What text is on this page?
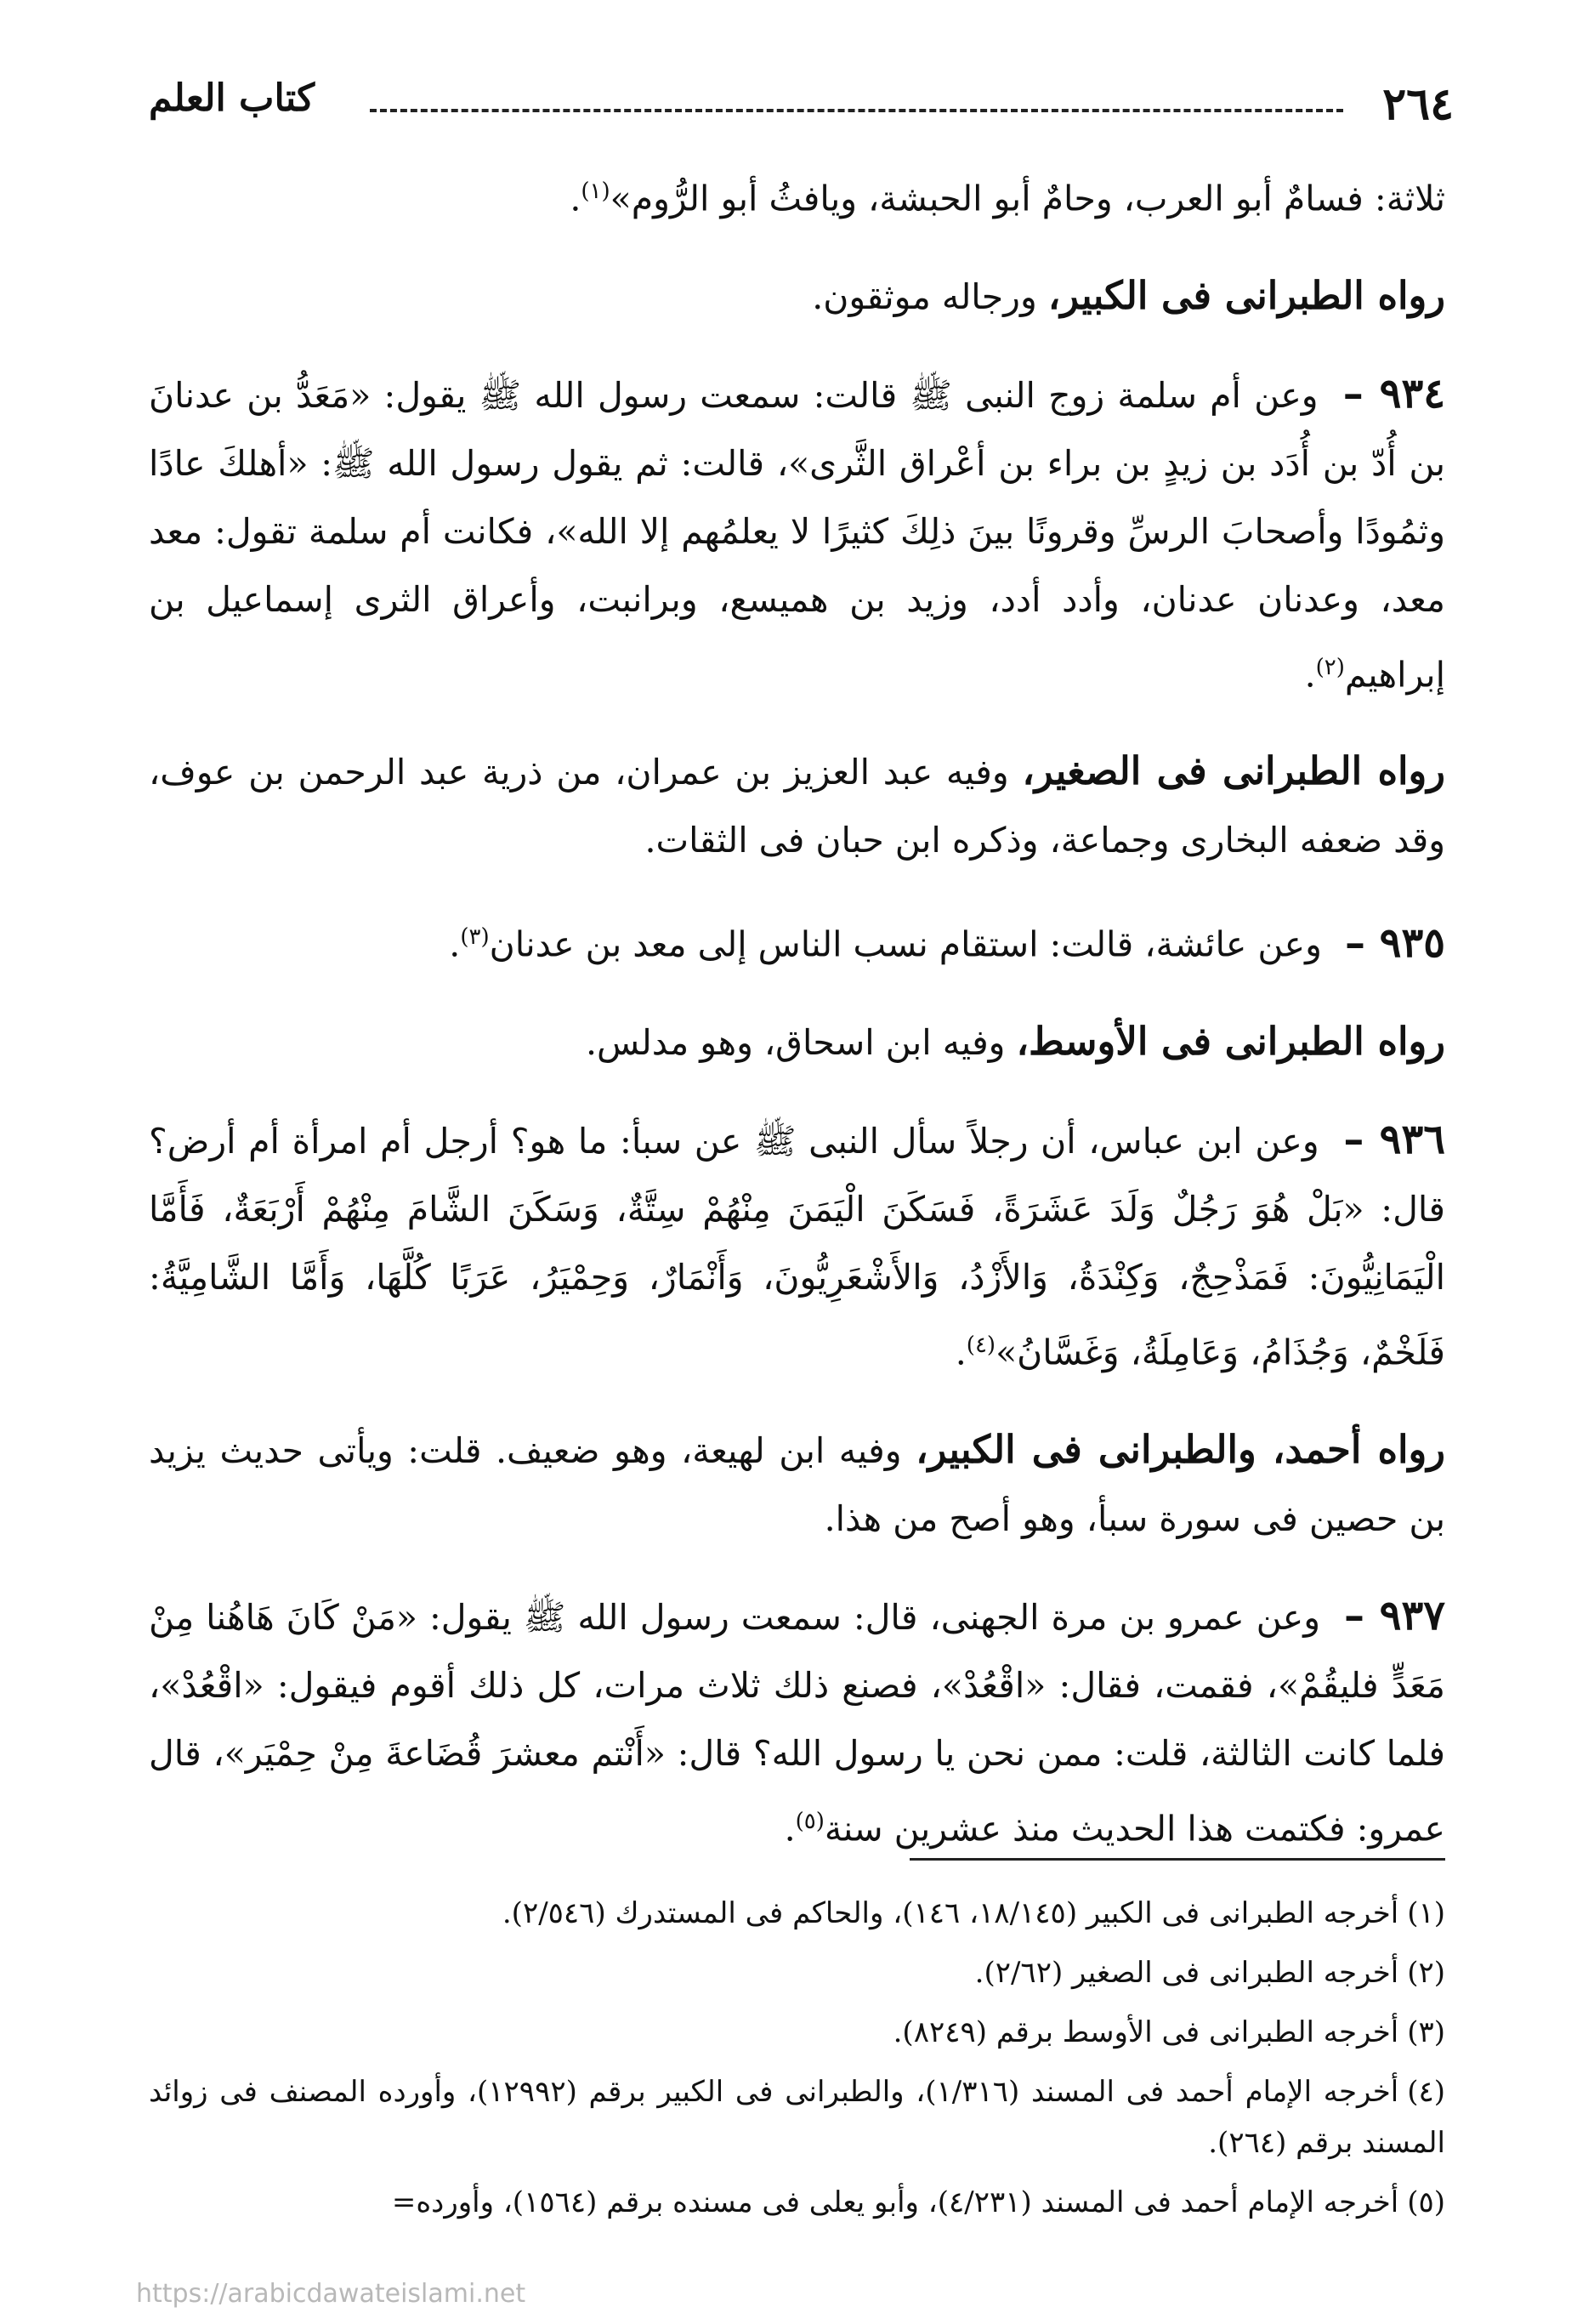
٢٦٤
كتاب العلم

ثلاثة: فسامٌ أبو العرب، وحامٌ أبو الحبشة، ويافثُ أبو الرُّوم»$^{(١)}$.

رواه الطبرانى فى الكبير، ورجاله موثقون.

٩٣٤ – وعن أم سلمة زوج النبى ﷺ قالت: سمعت رسول الله ﷺ يقول: «مَعَدُّ بن عدنانَ بن أُدّ بن أُدَد بن زيدٍ بن براء بن أعْراق الثَّرى»، قالت: ثم يقول رسول الله ﷺ: «أهلكَ عادًا وثمُودًا وأصحابَ الرسِّ وقرونًا بينَ ذلِكَ كثيرًا لا يعلمُهم إلا الله»، فكانت أم سلمة تقول: معد معد، وعدنان عدنان، وأدد أدد، وزيد بن هميسع، وبرانبت، وأعراق الثرى إسماعيل بن إبراهيم$^{(٢)}$.

رواه الطبرانى فى الصغير، وفيه عبد العزيز بن عمران، من ذرية عبد الرحمن بن عوف، وقد ضعفه البخارى وجماعة، وذكره ابن حبان فى الثقات.

٩٣٥ – وعن عائشة، قالت: استقام نسب الناس إلى معد بن عدنان$^{(٣)}$.

رواه الطبرانى فى الأوسط، وفيه ابن اسحاق، وهو مدلس.

٩٣٦ – وعن ابن عباس، أن رجلاً سأل النبى ﷺ عن سبأ: ما هو؟ أرجل أم امرأة أم أرض؟ قال: «بَلْ هُوَ رَجُلٌ وَلَدَ عَشَرَةً، فَسَكَنَ الْيَمَنَ مِنْهُمْ سِتَّةٌ، وَسَكَنَ الشَّامَ مِنْهُمْ أَرْبَعَةٌ، فَأَمَّا الْيَمَانِيُّونَ: فَمَذْحِجٌ، وَكِنْدَةُ، وَالأَزْدُ، وَالأَشْعَرِيُّونَ، وَأَنْمَارٌ، وَحِمْيَرُ، عَرَبًا كُلَّهَا، وَأَمَّا الشَّامِيَّةُ: فَلَخْمٌ، وَجُذَامُ، وَعَامِلَةُ، وَغَسَّانُ»$^{(٤)}$.

رواه أحمد، والطبرانى فى الكبير، وفيه ابن لهيعة، وهو ضعيف. قلت: ويأتى حديث يزيد بن حصين فى سورة سبأ، وهو أصح من هذا.

٩٣٧ – وعن عمرو بن مرة الجهنى، قال: سمعت رسول الله ﷺ يقول: «مَنْ كَانَ هَاهُنا مِنْ مَعَدٍّ فليقُمْ»، فقمت، فقال: «اقْعُدْ»، فصنع ذلك ثلاث مرات، كل ذلك أقوم فيقول: «اقْعُدْ»، فلما كانت الثالثة، قلت: ممن نحن يا رسول الله؟ قال: «أَنْتم معشرَ قُضَاعةَ مِنْ حِمْيَر»، قال عمرو: فكتمت هذا الحديث منذ عشرين سنة$^{(٥)}$.

(١)أخرجه الطبرانى فى الكبير (١٨/١٤٥، ١٤٦)، والحاكم فى المستدرك (٢/٥٤٦).

(٢)أخرجه الطبرانى فى الصغير (٢/٦٢).

(٣)أخرجه الطبرانى فى الأوسط برقم (٨٢٤٩).

(٤)أخرجه الإمام أحمد فى المسند (١/٣١٦)، والطبرانى فى الكبير برقم (١٢٩٩٢)، وأورده المصنف فى زوائد المسند برقم (٢٦٤).

(٥)أخرجه الإمام أحمد فى المسند (٤/٢٣١)، وأبو يعلى فى مسنده برقم (١٥٦٤)، وأورده=

https://arabicdawateislami.net
